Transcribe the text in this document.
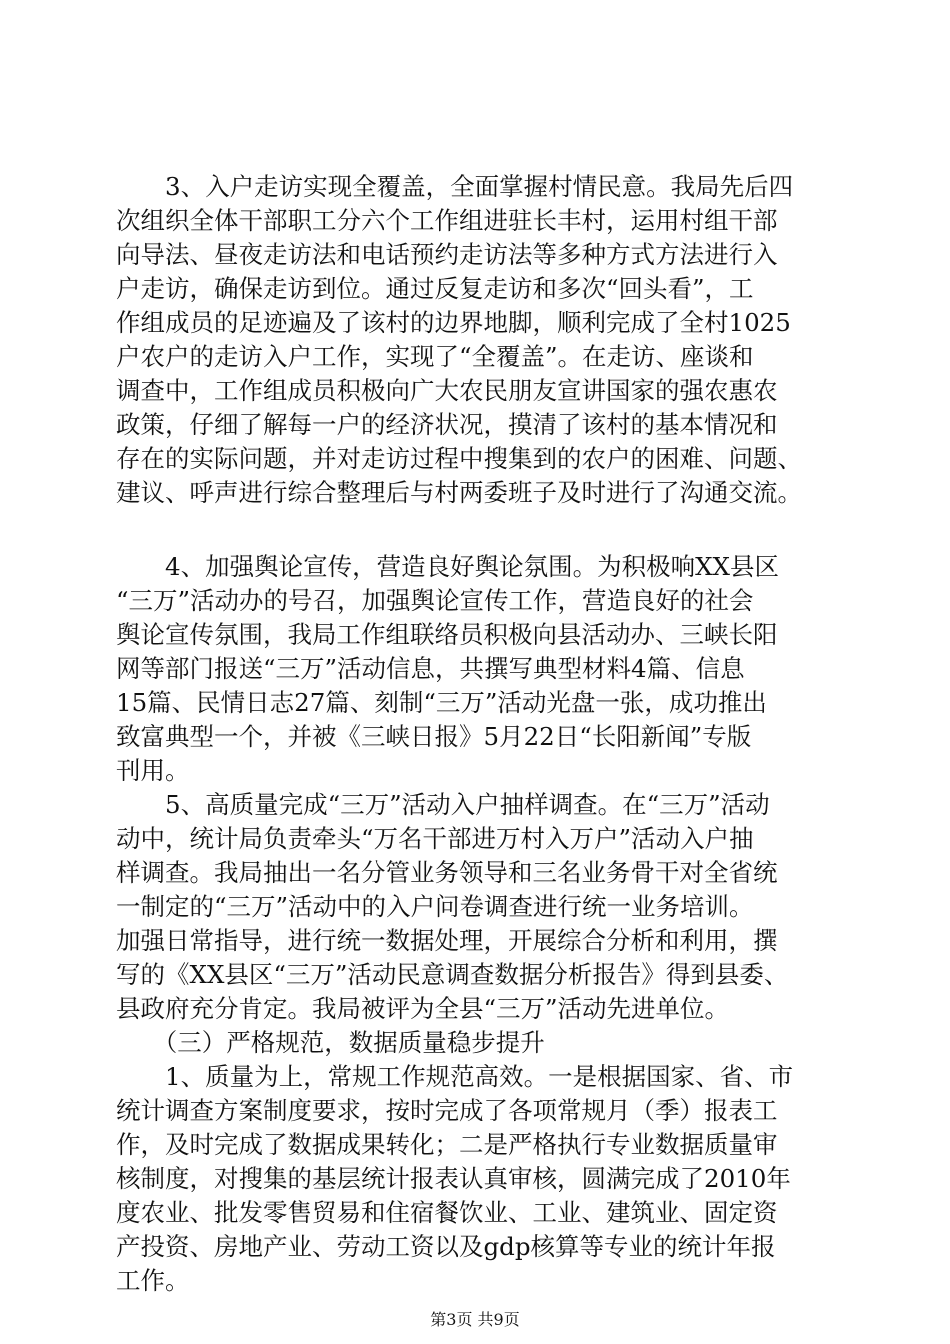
　　3、入户走访实现全覆盖，全面掌握村情民意。我局先后四
次组织全体干部职工分六个工作组进驻长丰村，运用村组干部
向导法、昼夜走访法和电话预约走访法等多种方式方法进行入
户走访，确保走访到位。通过反复走访和多次“回头看”，工
作组成员的足迹遍及了该村的边界地脚，顺利完成了全村1025
户农户的走访入户工作，实现了“全覆盖”。在走访、座谈和
调查中，工作组成员积极向广大农民朋友宣讲国家的强农惠农
政策，仔细了解每一户的经济状况，摸清了该村的基本情况和
存在的实际问题，并对走访过程中搜集到的农户的困难、问题、
建议、呼声进行综合整理后与村两委班子及时进行了沟通交流。
　　4、加强舆论宣传，营造良好舆论氛围。为积极响XX县区
“三万”活动办的号召，加强舆论宣传工作，营造良好的社会
舆论宣传氛围，我局工作组联络员积极向县活动办、三峡长阳
网等部门报送“三万”活动信息，共撰写典型材料4篇、信息
15篇、民情日志27篇、刻制“三万”活动光盘一张，成功推出
致富典型一个，并被《三峡日报》5月22日“长阳新闻”专版
刊用。
　　5、高质量完成“三万”活动入户抽样调查。在“三万”活动
动中，统计局负责牵头“万名干部进万村入万户”活动入户抽
样调查。我局抽出一名分管业务领导和三名业务骨干对全省统
一制定的“三万”活动中的入户问卷调查进行统一业务培训。
加强日常指导，进行统一数据处理，开展综合分析和利用，撰
写的《XX县区“三万”活动民意调查数据分析报告》得到县委、
县政府充分肯定。我局被评为全县“三万”活动先进单位。
　　（三）严格规范，数据质量稳步提升
　　1、质量为上，常规工作规范高效。一是根据国家、省、市
统计调查方案制度要求，按时完成了各项常规月（季）报表工
作，及时完成了数据成果转化；二是严格执行专业数据质量审
核制度，对搜集的基层统计报表认真审核，圆满完成了2010年
度农业、批发零售贸易和住宿餐饮业、工业、建筑业、固定资
产投资、房地产业、劳动工资以及gdp核算等专业的统计年报
工作。
第3页 共9页
